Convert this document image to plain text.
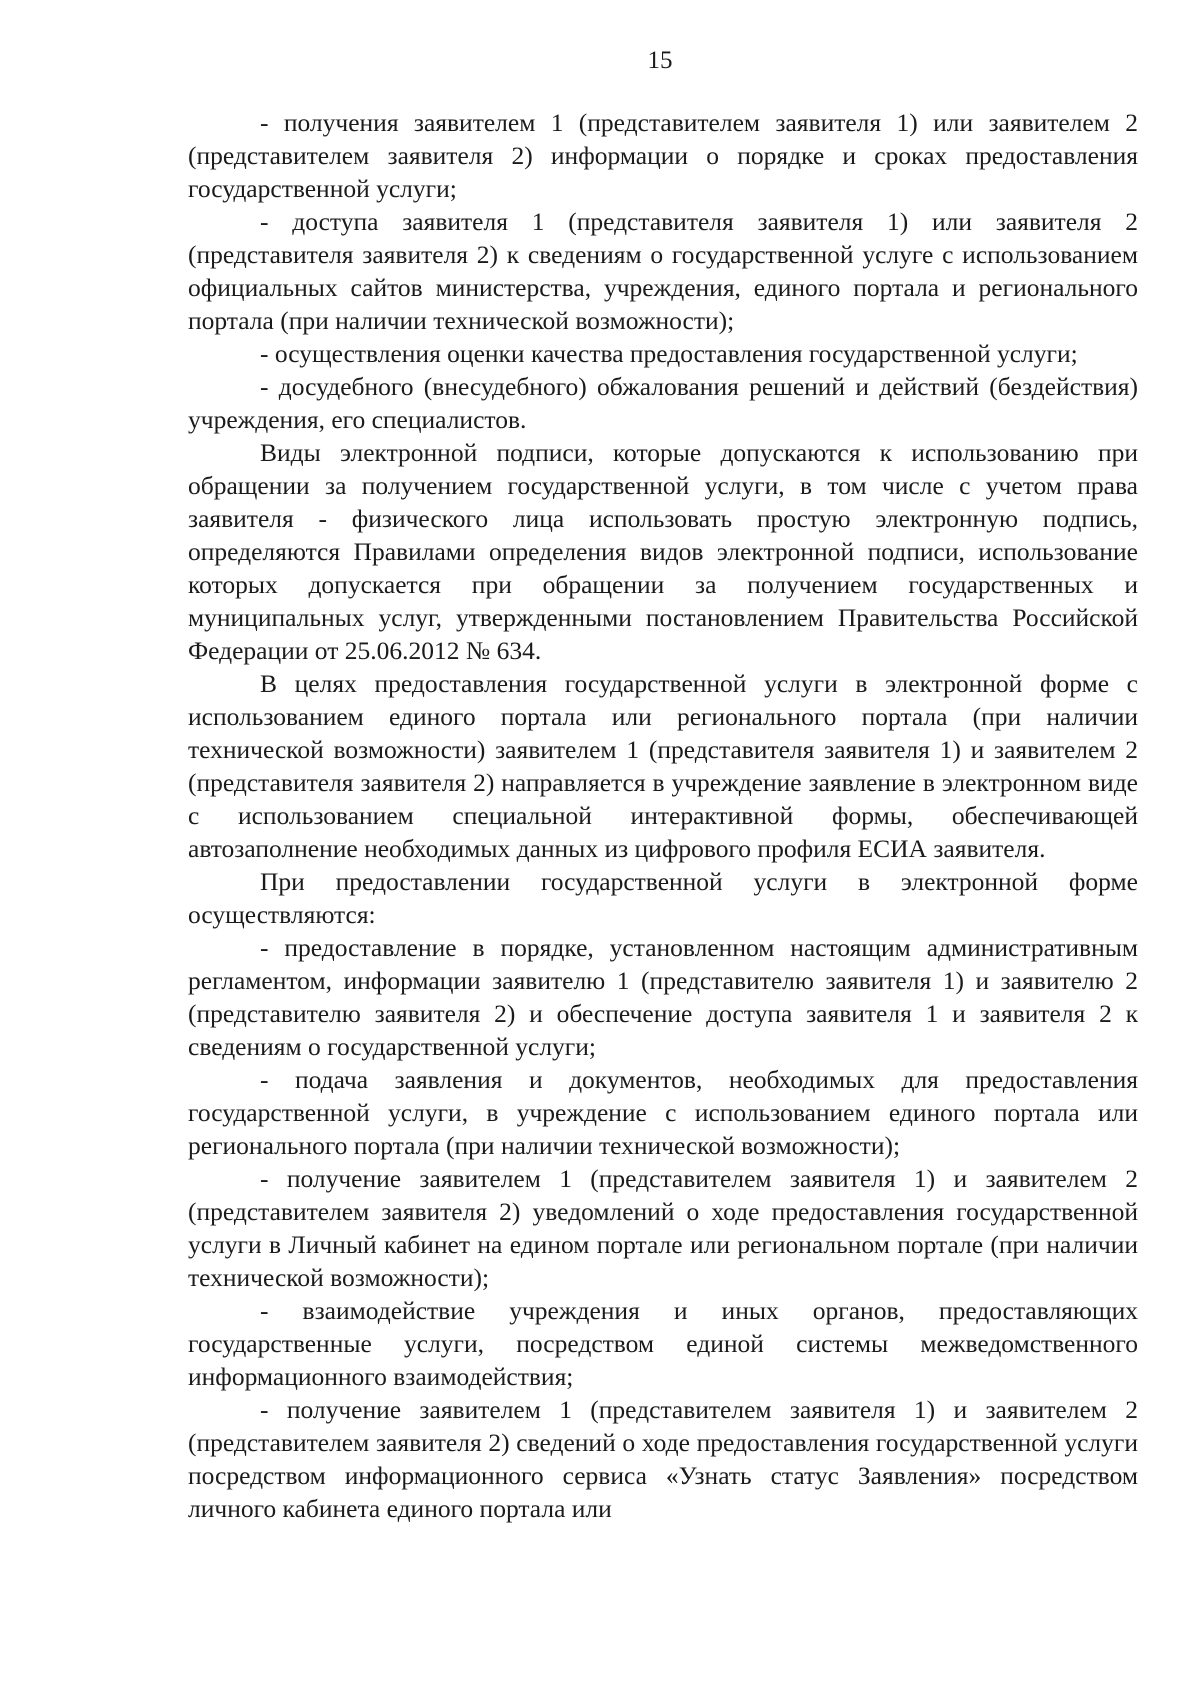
15

- получения заявителем 1 (представителем заявителя 1) или заявителем 2 (представителем заявителя 2) информации о порядке и сроках предоставления государственной услуги;

- доступа заявителя 1 (представителя заявителя 1) или заявителя 2 (представителя заявителя 2) к сведениям о государственной услуге с использованием официальных сайтов министерства, учреждения, единого портала и регионального портала (при наличии технической возможности);

- осуществления оценки качества предоставления государственной услуги;

- досудебного (внесудебного) обжалования решений и действий (бездействия) учреждения, его специалистов.

Виды электронной подписи, которые допускаются к использованию при обращении за получением государственной услуги, в том числе с учетом права заявителя - физического лица использовать простую электронную подпись, определяются Правилами определения видов электронной подписи, использование которых допускается при обращении за получением государственных и муниципальных услуг, утвержденными постановлением Правительства Российской Федерации от 25.06.2012 № 634.

В целях предоставления государственной услуги в электронной форме с использованием единого портала или регионального портала (при наличии технической возможности) заявителем 1 (представителя заявителя 1) и заявителем 2 (представителя заявителя 2) направляется в учреждение заявление в электронном виде с использованием специальной интерактивной формы, обеспечивающей автозаполнение необходимых данных из цифрового профиля ЕСИА заявителя.

При предоставлении государственной услуги в электронной форме осуществляются:

- предоставление в порядке, установленном настоящим административным регламентом, информации заявителю 1 (представителю заявителя 1) и заявителю 2 (представителю заявителя 2) и обеспечение доступа заявителя 1 и заявителя 2 к сведениям о государственной услуги;

- подача заявления и документов, необходимых для предоставления государственной услуги, в учреждение с использованием единого портала или регионального портала (при наличии технической возможности);

- получение заявителем 1 (представителем заявителя 1) и заявителем 2 (представителем заявителя 2) уведомлений о ходе предоставления государственной услуги в Личный кабинет на едином портале или региональном портале (при наличии технической возможности);

- взаимодействие учреждения и иных органов, предоставляющих государственные услуги, посредством единой системы межведомственного информационного взаимодействия;

- получение заявителем 1 (представителем заявителя 1) и заявителем 2 (представителем заявителя 2) сведений о ходе предоставления государственной услуги посредством информационного сервиса «Узнать статус Заявления» посредством личного кабинета единого портала или
